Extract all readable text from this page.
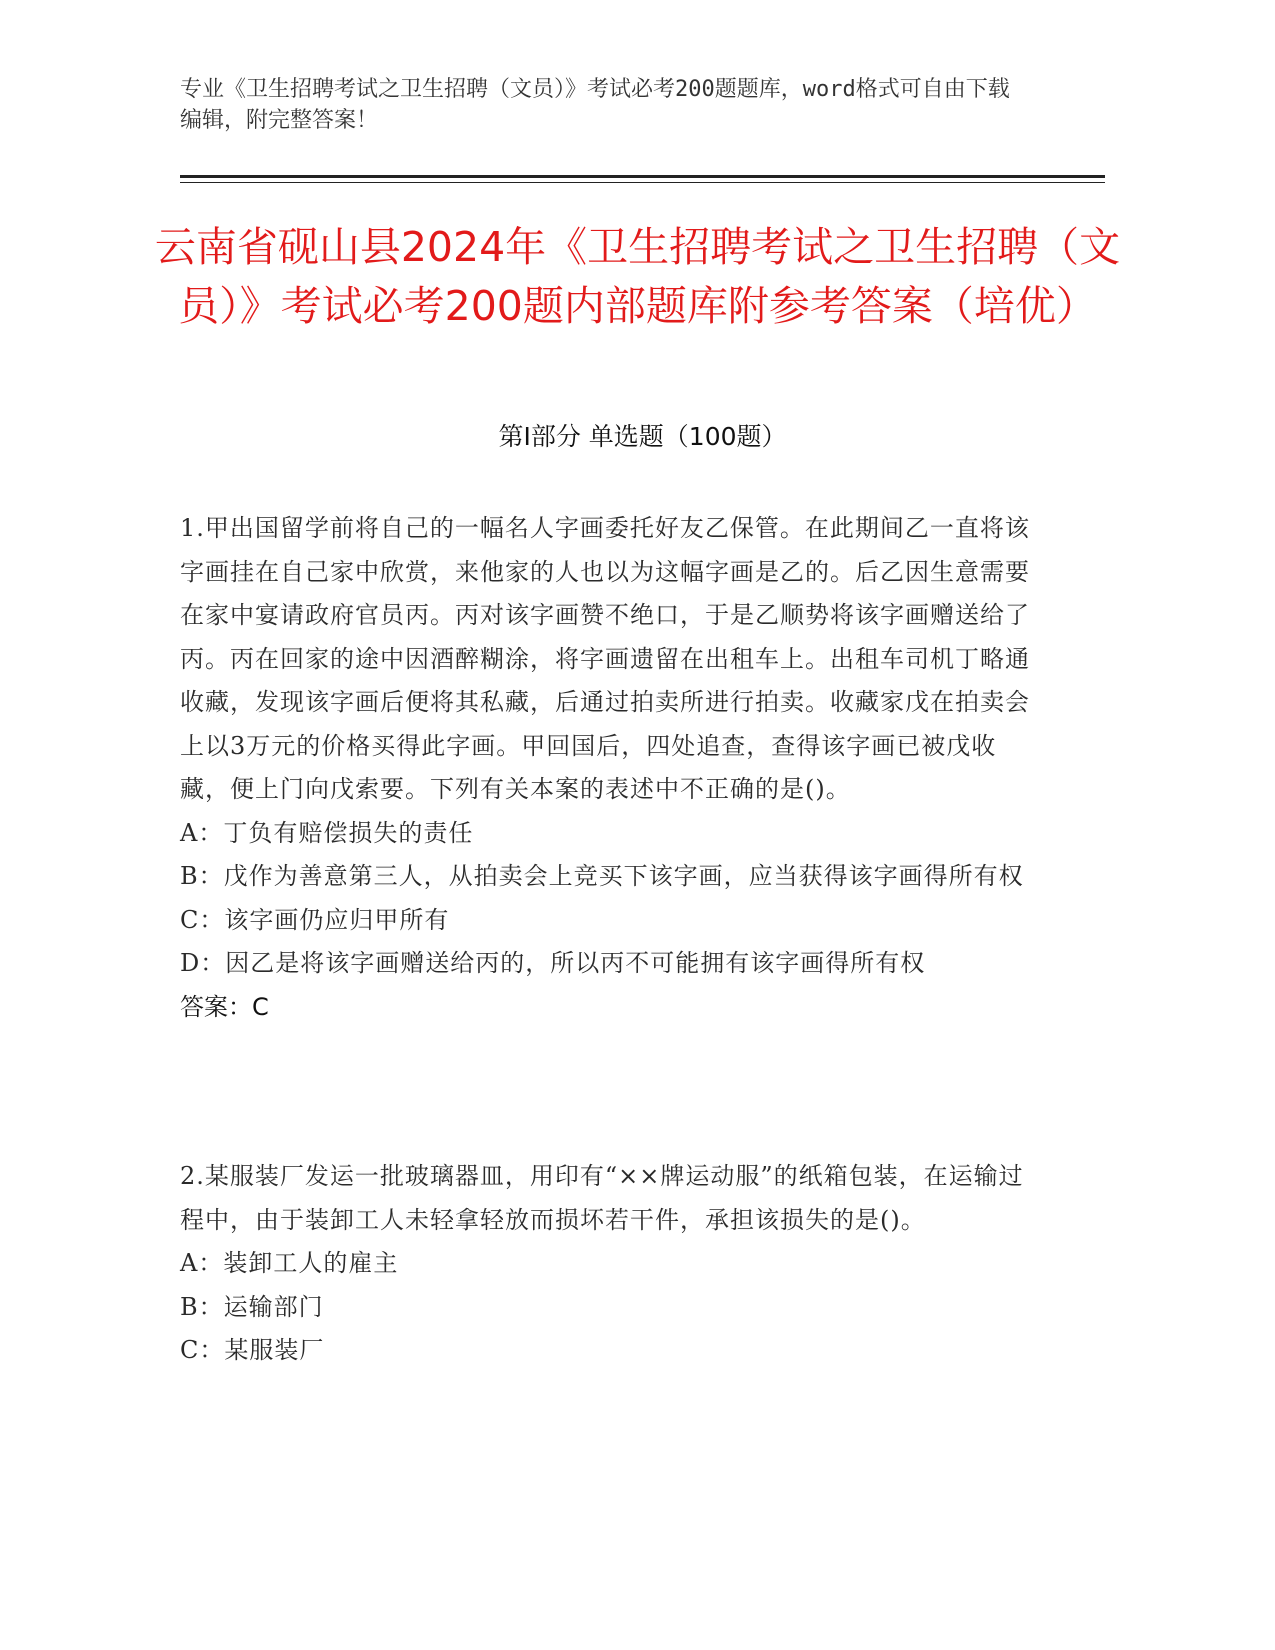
专业《卫生招聘考试之卫生招聘（文员）》考试必考200题题库，word格式可自由下载编辑，附完整答案！

云南省砚山县2024年《卫生招聘考试之卫生招聘（文员）》考试必考200题内部题库附参考答案（培优）
第Ⅰ部分 单选题（100题）

1.甲出国留学前将自己的一幅名人字画委托好友乙保管。在此期间乙一直将该字画挂在自己家中欣赏，来他家的人也以为这幅字画是乙的。后乙因生意需要在家中宴请政府官员丙。丙对该字画赞不绝口，于是乙顺势将该字画赠送给了丙。丙在回家的途中因酒醉糊涂，将字画遗留在出租车上。出租车司机丁略通收藏，发现该字画后便将其私藏，后通过拍卖所进行拍卖。收藏家戊在拍卖会上以3万元的价格买得此字画。甲回国后，四处追查，查得该字画已被戊收藏，便上门向戊索要。下列有关本案的表述中不正确的是()。

A：丁负有赔偿损失的责任

B：戊作为善意第三人，从拍卖会上竞买下该字画，应当获得该字画得所有权

C：该字画仍应归甲所有

D：因乙是将该字画赠送给丙的，所以丙不可能拥有该字画得所有权

答案：C

2.某服装厂发运一批玻璃器皿，用印有“××牌运动服”的纸箱包装，在运输过程中，由于装卸工人未轻拿轻放而损坏若干件，承担该损失的是()。

A：装卸工人的雇主

B：运输部门

C：某服装厂
